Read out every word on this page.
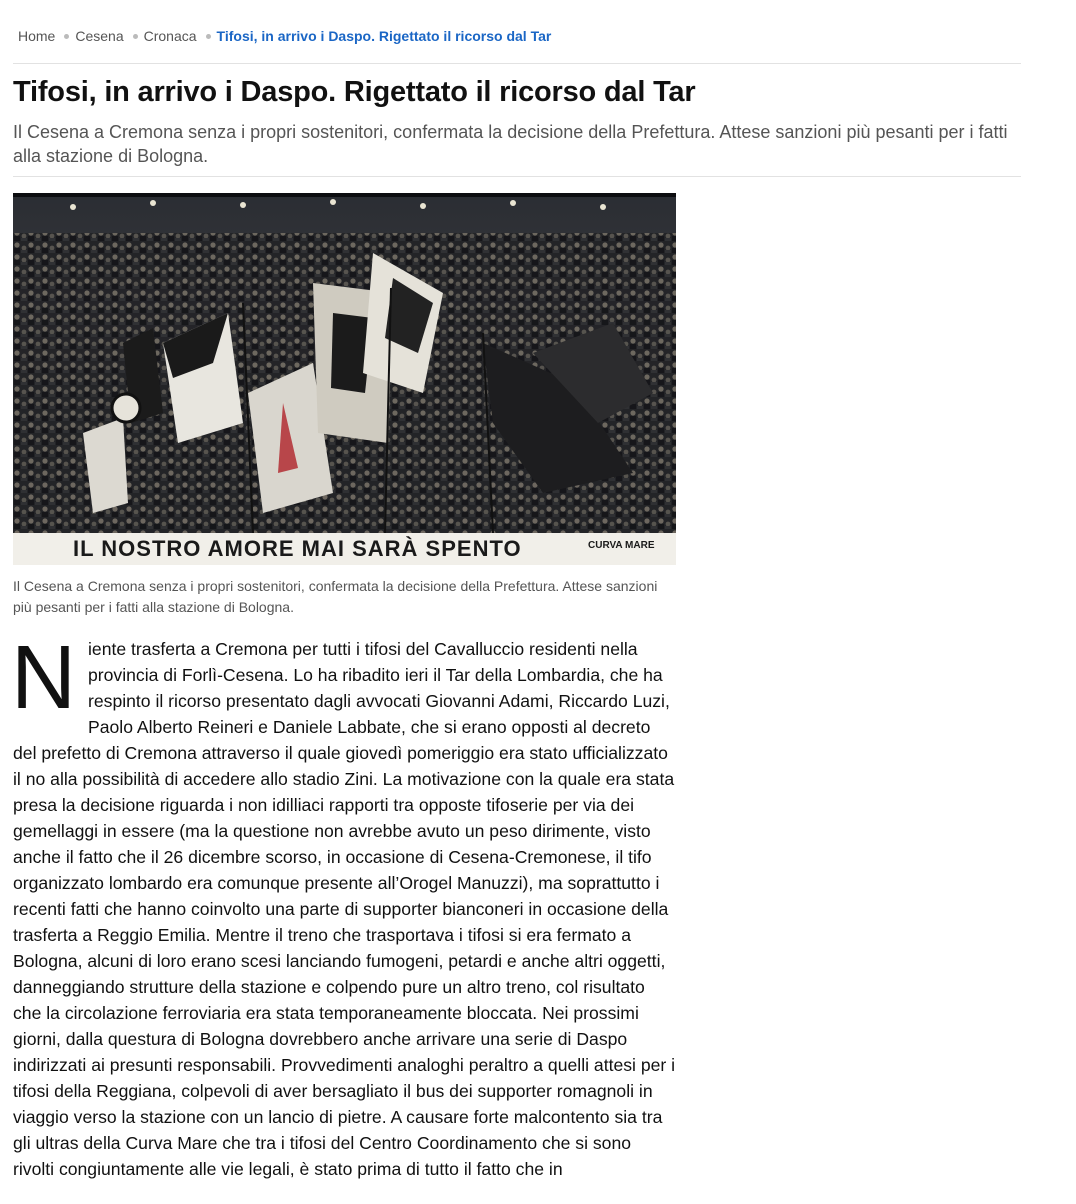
Home Cesena Cronaca Tifosi, in arrivo i Daspo. Rigettato il ricorso dal Tar
Tifosi, in arrivo i Daspo. Rigettato il ricorso dal Tar

Il Cesena a Cremona senza i propri sostenitori, confermata la decisione della Prefettura. Attese sanzioni più pesanti per i fatti alla stazione di Bologna.

IL NOSTRO AMORE MAI SARÀ SPENTO	CURVA MARE

Il Cesena a Cremona senza i propri sostenitori, confermata la decisione della Prefettura. Attese sanzioni più pesanti per i fatti alla stazione di Bologna.

Niente trasferta a Cremona per tutti i tifosi del Cavalluccio residenti nella provincia di Forlì-Cesena. Lo ha ribadito ieri il Tar della Lombardia, che ha respinto il ricorso presentato dagli avvocati Giovanni Adami, Riccardo Luzi, Paolo Alberto Reineri e Daniele Labbate, che si erano opposti al decreto del prefetto di Cremona attraverso il quale giovedì pomeriggio era stato ufficializzato il no alla possibilità di accedere allo stadio Zini. La motivazione con la quale era stata presa la decisione riguarda i non idilliaci rapporti tra opposte tifoserie per via dei gemellaggi in essere (ma la questione non avrebbe avuto un peso dirimente, visto anche il fatto che il 26 dicembre scorso, in occasione di Cesena-Cremonese, il tifo organizzato lombardo era comunque presente all’Orogel Manuzzi), ma soprattutto i recenti fatti che hanno coinvolto una parte di supporter bianconeri in occasione della trasferta a Reggio Emilia. Mentre il treno che trasportava i tifosi si era fermato a Bologna, alcuni di loro erano scesi lanciando fumogeni, petardi e anche altri oggetti, danneggiando strutture della stazione e colpendo pure un altro treno, col risultato che la circolazione ferroviaria era stata temporaneamente bloccata. Nei prossimi giorni, dalla questura di Bologna dovrebbero anche arrivare una serie di Daspo indirizzati ai presunti responsabili. Provvedimenti analoghi peraltro a quelli attesi per i tifosi della Reggiana, colpevoli di aver bersagliato il bus dei supporter romagnoli in viaggio verso la stazione con un lancio di pietre. A causare forte malcontento sia tra gli ultras della Curva Mare che tra i tifosi del Centro Coordinamento che si sono rivolti congiuntamente alle vie legali, è stato prima di tutto il fatto che in
